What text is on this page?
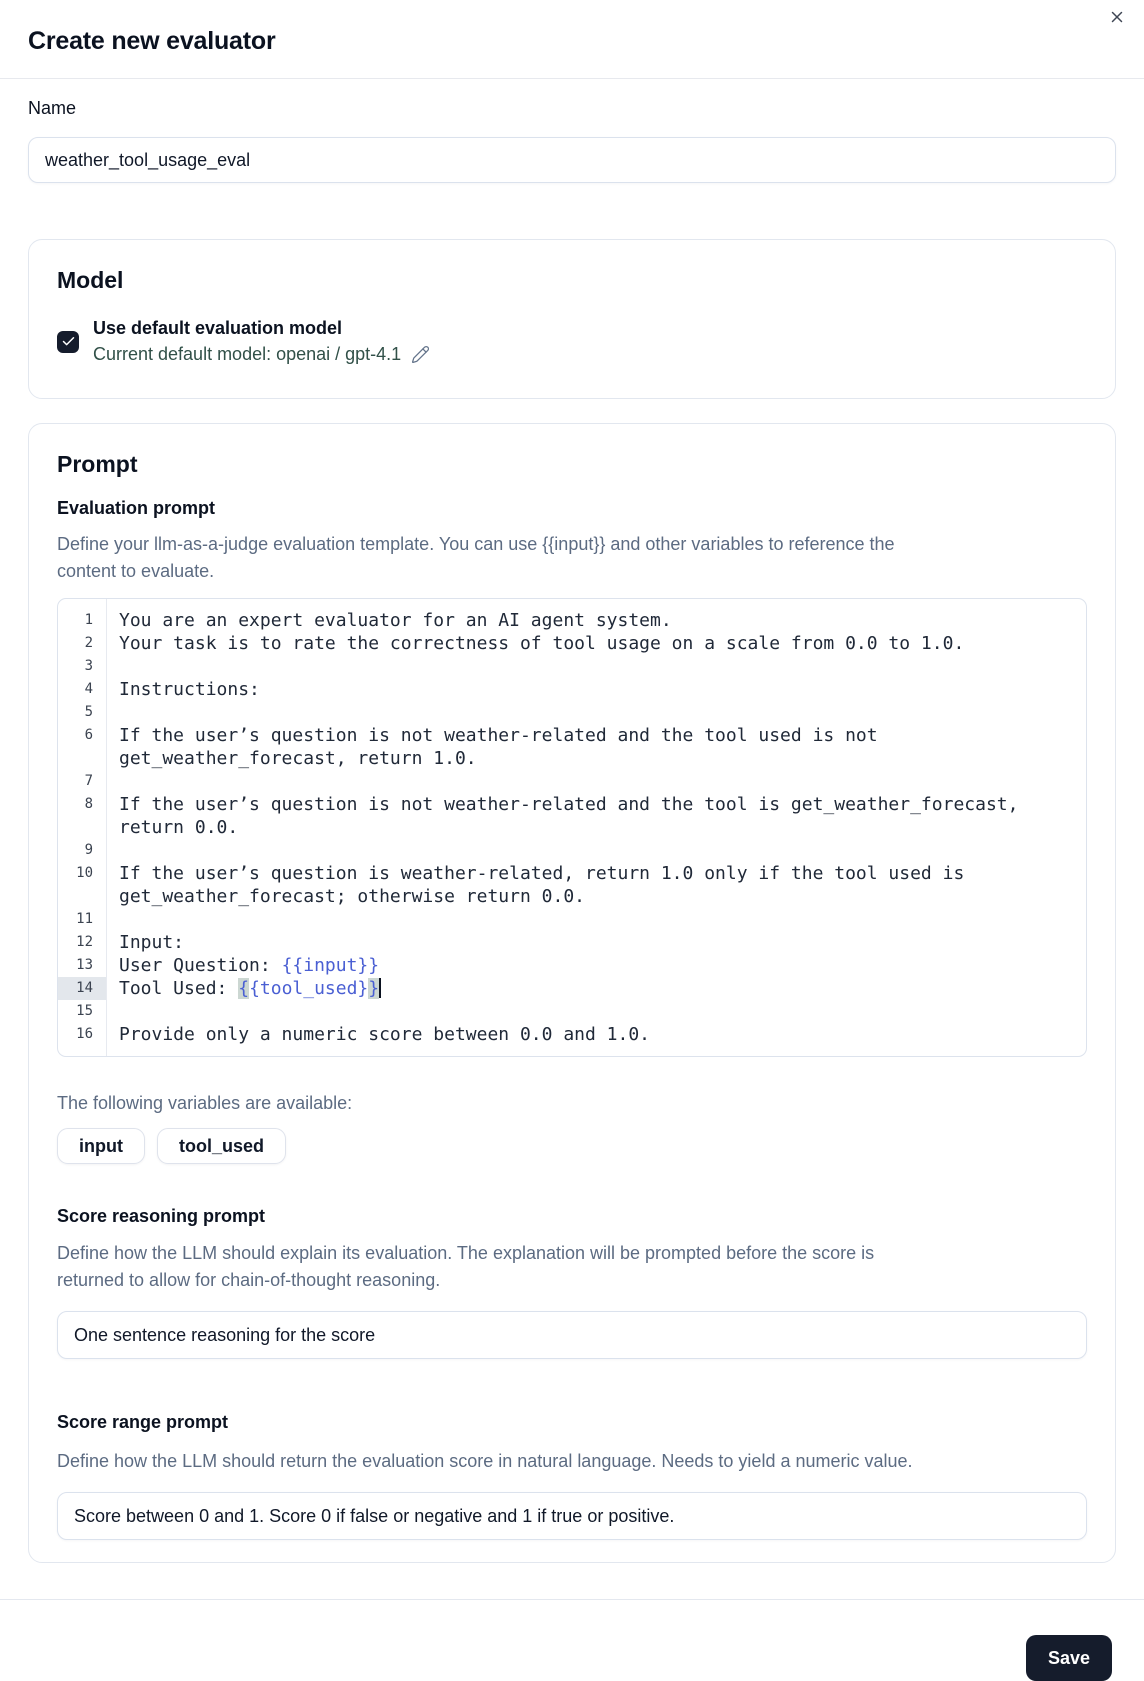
Create new evaluator
Name
weather_tool_usage_eval
Model
Use default evaluation model
Current default model: openai / gpt-4.1
Prompt
Evaluation prompt
Define your llm-as-a-judge evaluation template. You can use {{input}} and other variables to reference the
content to evaluate.
1	You are an expert evaluator for an AI agent system.
2	Your task is to rate the correctness of tool usage on a scale from 0.0 to 1.0.
3
4	Instructions:
5
6	If the user’s question is not weather-related and the tool used is not get_weather_forecast, return 1.0.
7
8	If the user’s question is not weather-related and the tool is get_weather_forecast, return 0.0.
9
10	If the user’s question is weather-related, return 1.0 only if the tool used is get_weather_forecast; otherwise return 0.0.
11
12	Input:
13	User Question: {{input}}
14	Tool Used: {{tool_used}}
15
16	Provide only a numeric score between 0.0 and 1.0.
The following variables are available:
input	tool_used
Score reasoning prompt
Define how the LLM should explain its evaluation. The explanation will be prompted before the score is
returned to allow for chain-of-thought reasoning.
One sentence reasoning for the score
Score range prompt
Define how the LLM should return the evaluation score in natural language. Needs to yield a numeric value.
Score between 0 and 1. Score 0 if false or negative and 1 if true or positive.
Save
